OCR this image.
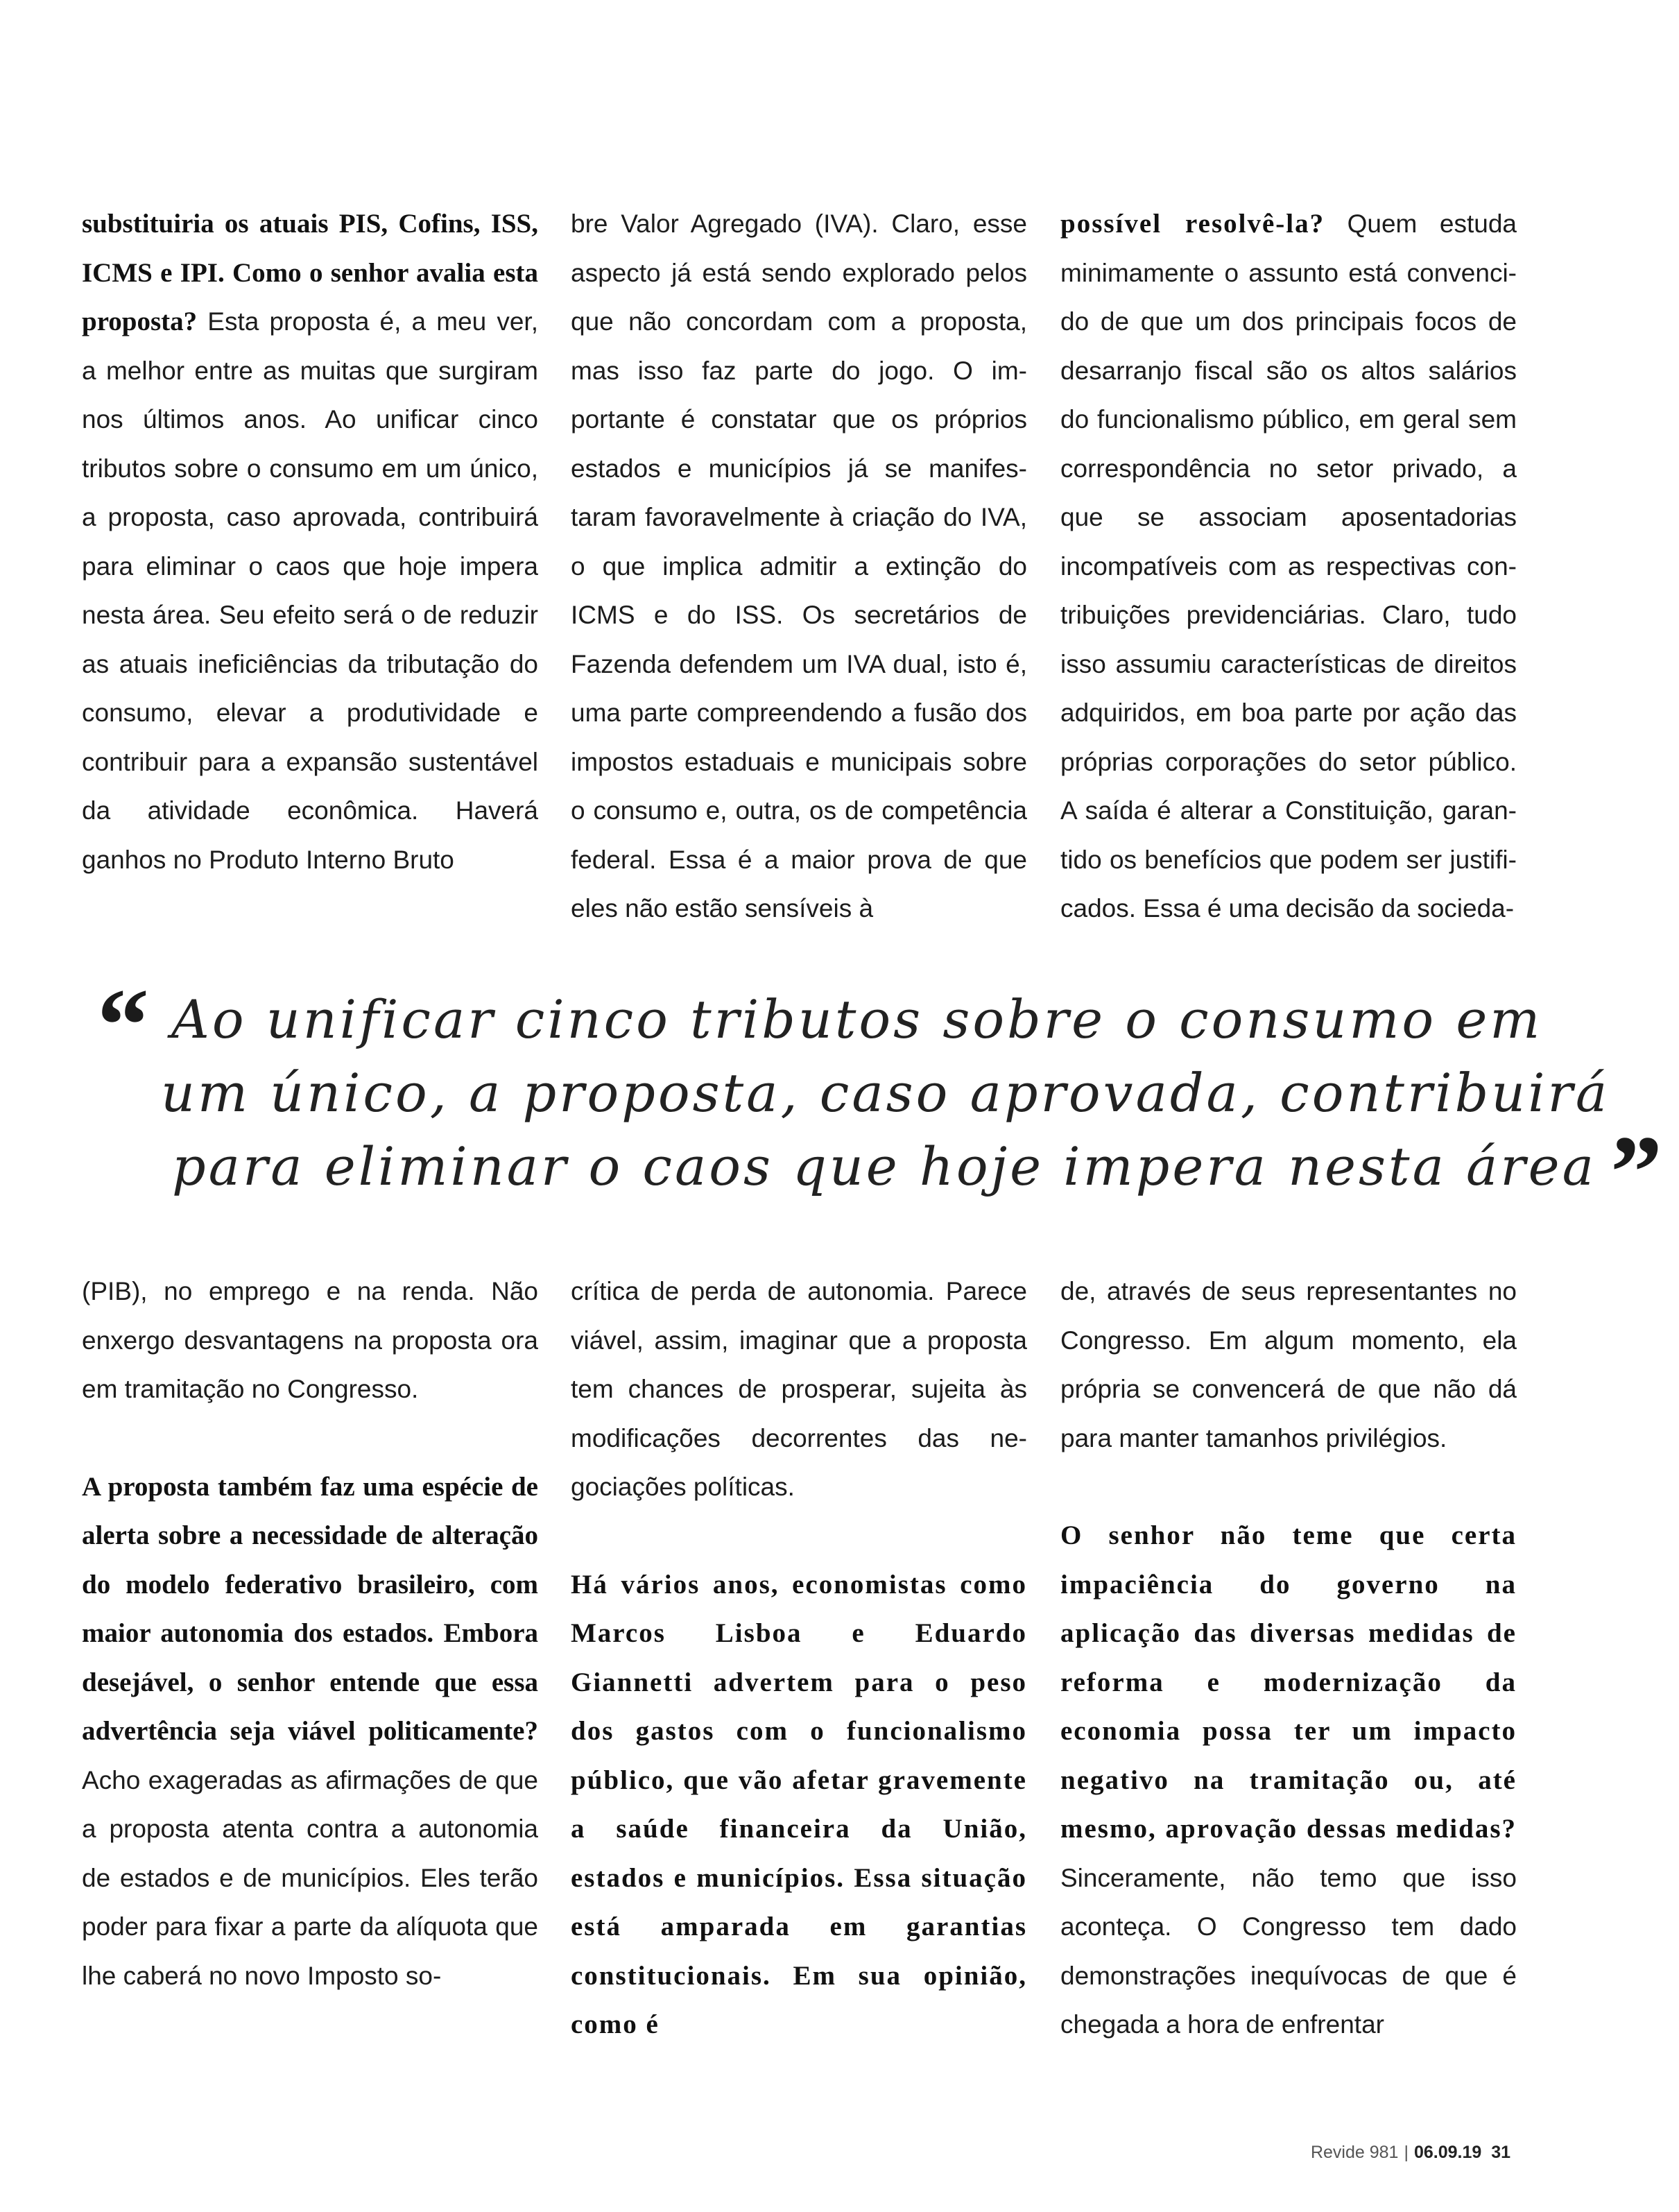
substituiria os atuais PIS, Cofins, ISS, ICMS e IPI. Como o senhor avalia esta proposta? Esta proposta é, a meu ver, a melhor entre as muitas que surgiram nos últimos anos. Ao unificar cinco tributos sobre o consumo em um único, a proposta, caso aprovada, contribuirá para eliminar o caos que hoje impera nesta área. Seu efeito será o de reduzir as atuais ineficiências da tributação do consumo, elevar a produtividade e contribuir para a expansão sustentável da atividade econômica. Haverá ganhos no Produto Interno Bruto

bre Valor Agregado (IVA). Claro, esse aspecto já está sendo explorado pelos que não concordam com a proposta, mas isso faz parte do jogo. O importante é constatar que os próprios estados e municípios já se manifestaram favoravelmente à criação do IVA, o que implica admitir a extinção do ICMS e do ISS. Os secretários de Fazenda defendem um IVA dual, isto é, uma parte compreendendo a fusão dos impostos estaduais e municipais sobre o consumo e, outra, os de competência federal. Essa é a maior prova de que eles não estão sensíveis à

possível resolvê-la? Quem estuda minimamente o assunto está convencido de que um dos principais focos de desarranjo fiscal são os altos salários do funcionalismo público, em geral sem correspondência no setor privado, a que se associam aposentadorias incompatíveis com as respectivas contribuições previdenciárias. Claro, tudo isso assumiu características de direitos adquiridos, em boa parte por ação das próprias corporações do setor público. A saída é alterar a Constituição, garantido os benefícios que podem ser justificados. Essa é uma decisão da socieda-

“ Ao unificar cinco tributos sobre o consumo em
um único, a proposta, caso aprovada, contribuirá
para eliminar o caos que hoje impera nesta área ”

(PIB), no emprego e na renda. Não enxergo desvantagens na proposta ora em tramitação no Congresso.

A proposta também faz uma espécie de alerta sobre a necessidade de alteração do modelo federativo brasileiro, com maior autonomia dos estados. Embora desejável, o senhor entende que essa advertência seja viável politicamente? Acho exageradas as afirmações de que a proposta atenta contra a autonomia de estados e de municípios. Eles terão poder para fixar a parte da alíquota que lhe caberá no novo Imposto so-

crítica de perda de autonomia. Parece viável, assim, imaginar que a proposta tem chances de prosperar, sujeita às modificações decorrentes das negociações políticas.

Há vários anos, economistas como Marcos Lisboa e Eduardo Giannetti advertem para o peso dos gastos com o funcionalismo público, que vão afetar gravemente a saúde financeira da União, estados e municípios. Essa situação está amparada em garantias constitucionais. Em sua opinião, como é

de, através de seus representantes no Congresso. Em algum momento, ela própria se convencerá de que não dá para manter tamanhos privilégios.

O senhor não teme que certa impaciência do governo na aplicação das diversas medidas de reforma e modernização da economia possa ter um impacto negativo na tramitação ou, até mesmo, aprovação dessas medidas? Sinceramente, não temo que isso aconteça. O Congresso tem dado demonstrações inequívocas de que é chegada a hora de enfrentar

Revide 981 | 06.09.19 31
